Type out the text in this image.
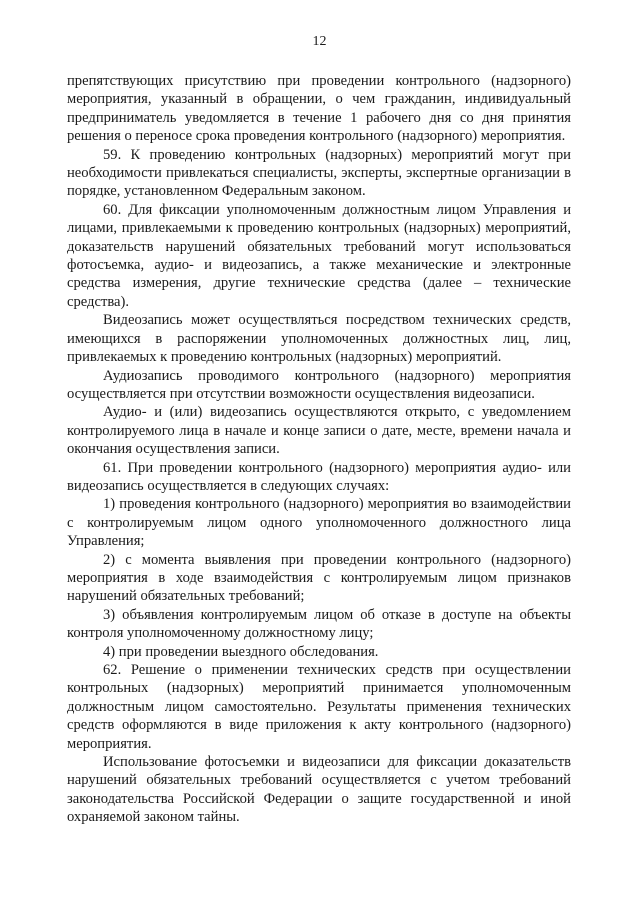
12

препятствующих присутствию при проведении контрольного (надзорного) мероприятия, указанный в обращении, о чем гражданин, индивидуальный предприниматель уведомляется в течение 1 рабочего дня со дня принятия решения о переносе срока проведения контрольного (надзорного) мероприятия.

59. К проведению контрольных (надзорных) мероприятий могут при необходимости привлекаться специалисты, эксперты, экспертные организации в порядке, установленном Федеральным законом.

60. Для фиксации уполномоченным должностным лицом Управления и лицами, привлекаемыми к проведению контрольных (надзорных) мероприятий, доказательств нарушений обязательных требований могут использоваться фотосъемка, аудио- и видеозапись, а также механические и электронные средства измерения, другие технические средства (далее – технические средства).

Видеозапись может осуществляться посредством технических средств, имеющихся в распоряжении уполномоченных должностных лиц, лиц, привлекаемых к проведению контрольных (надзорных) мероприятий.

Аудиозапись проводимого контрольного (надзорного) мероприятия осуществляется при отсутствии возможности осуществления видеозаписи.

Аудио- и (или) видеозапись осуществляются открыто, с уведомлением контролируемого лица в начале и конце записи о дате, месте, времени начала и окончания осуществления записи.

61. При проведении контрольного (надзорного) мероприятия аудио- или видеозапись осуществляется в следующих случаях:

1) проведения контрольного (надзорного) мероприятия во взаимодействии с контролируемым лицом одного уполномоченного должностного лица Управления;

2) с момента выявления при проведении контрольного (надзорного) мероприятия в ходе взаимодействия с контролируемым лицом признаков нарушений обязательных требований;

3) объявления контролируемым лицом об отказе в доступе на объекты контроля уполномоченному должностному лицу;

4) при проведении выездного обследования.

62. Решение о применении технических средств при осуществлении контрольных (надзорных) мероприятий принимается уполномоченным должностным лицом самостоятельно. Результаты применения технических средств оформляются в виде приложения к акту контрольного (надзорного) мероприятия.

Использование фотосъемки и видеозаписи для фиксации доказательств нарушений обязательных требований осуществляется с учетом требований законодательства Российской Федерации о защите государственной и иной охраняемой законом тайны.
